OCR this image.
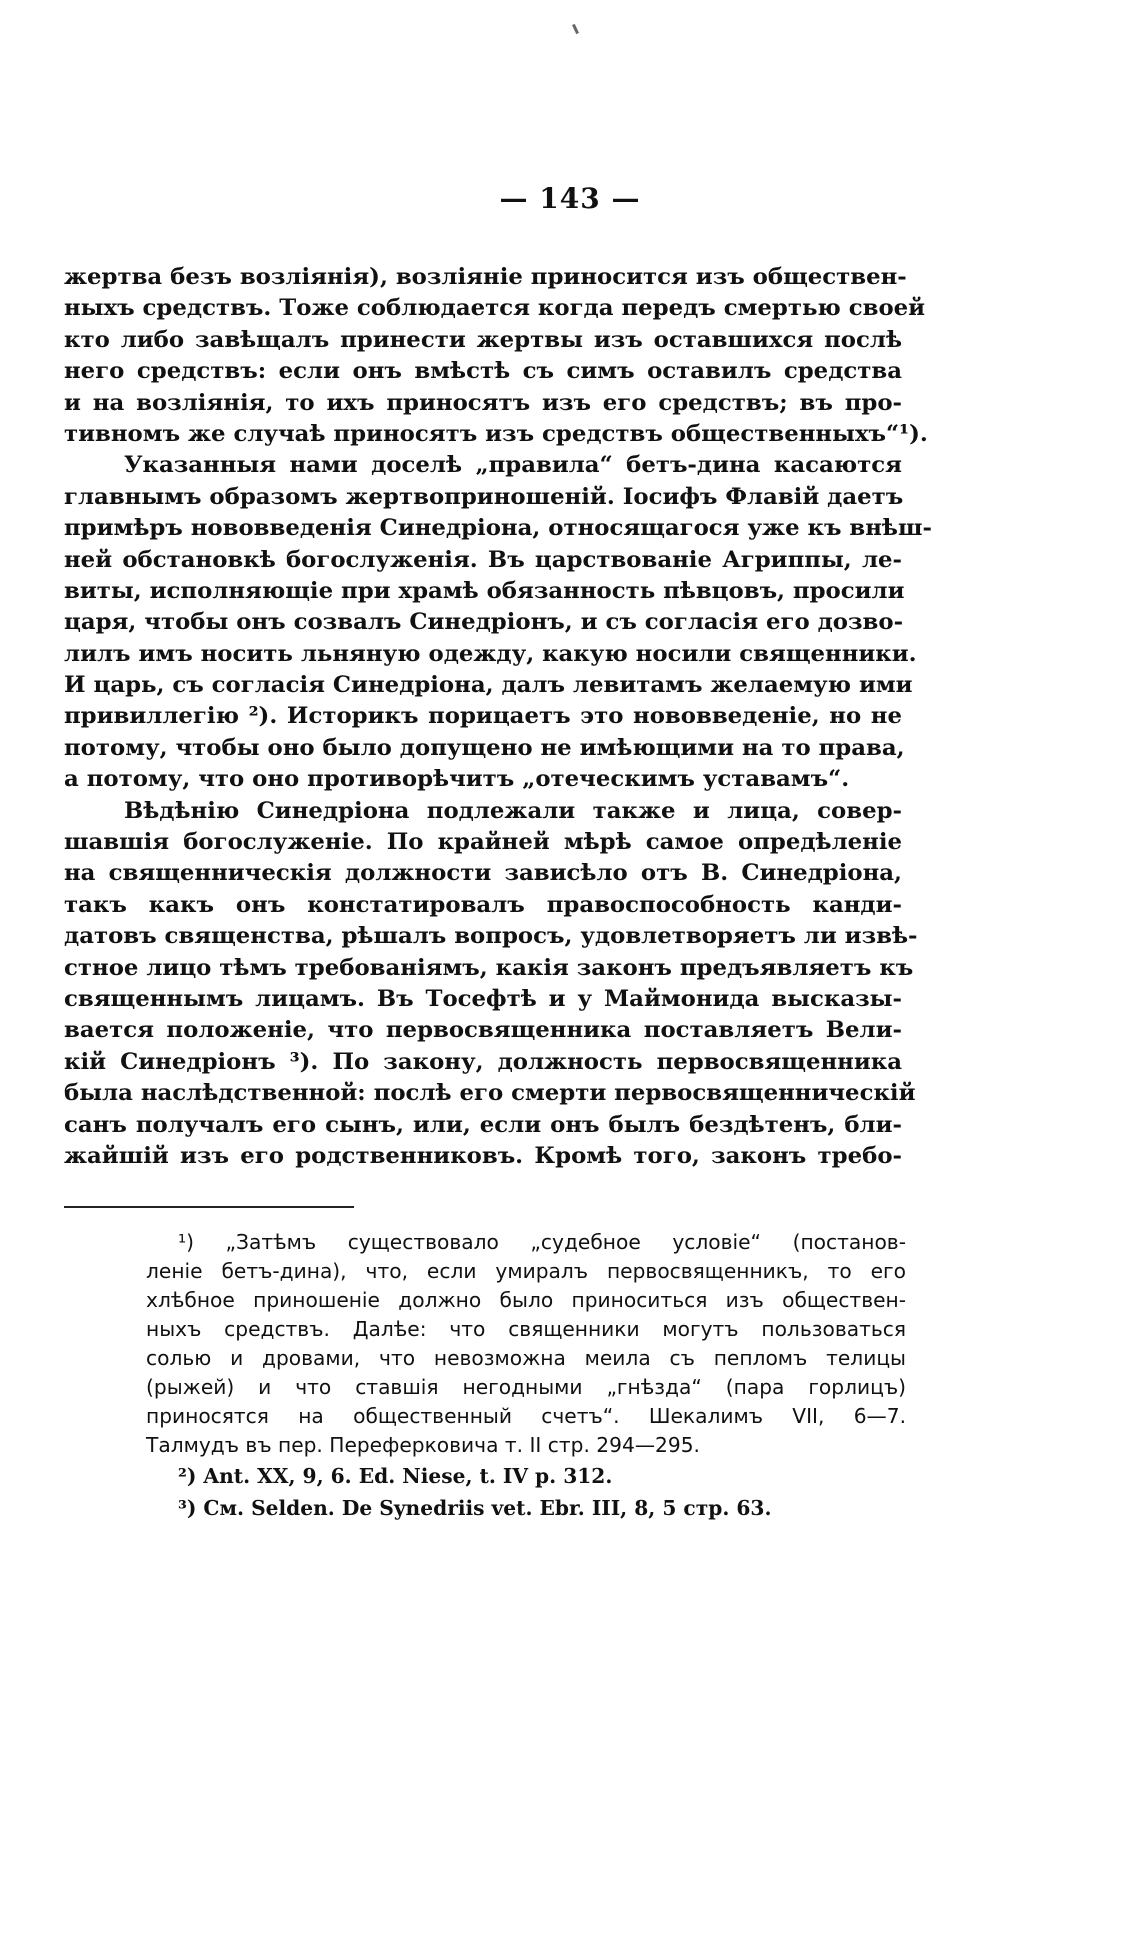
— 143 —
жертва безъ возліянія), возліяніе приносится изъ обществен-
ныхъ средствъ. Тоже соблюдается когда передъ смертью своей
кто либо завѣщалъ принести жертвы изъ оставшихся послѣ
него средствъ: если онъ вмѣстѣ съ симъ оставилъ средства
и на возліянія, то ихъ приносятъ изъ его средствъ; въ про-
тивномъ же случаѣ приносятъ изъ средствъ общественныхъ“¹).
Указанныя нами доселѣ „правила“ бетъ-дина касаются
главнымъ образомъ жертвоприношеній. Іосифъ Флавій даетъ
примѣръ нововведенія Синедріона, относящагося уже къ внѣш-
ней обстановкѣ богослуженія. Въ царствованіе Агриппы, ле-
виты, исполняющіе при храмѣ обязанность пѣвцовъ, просили
царя, чтобы онъ созвалъ Синедріонъ, и съ согласія его дозво-
лилъ имъ носить льняную одежду, какую носили священники.
И царь, съ согласія Синедріона, далъ левитамъ желаемую ими
привиллегію ²). Историкъ порицаетъ это нововведеніе, но не
потому, чтобы оно было допущено не имѣющими на то права,
а потому, что оно противорѣчитъ „отеческимъ уставамъ“.
Вѣдѣнію Синедріона подлежали также и лица, совер-
шавшія богослуженіе. По крайней мѣрѣ самое опредѣленіе
на священническія должности зависѣло отъ В. Синедріона,
такъ какъ онъ констатировалъ правоспособность канди-
датовъ священства, рѣшалъ вопросъ, удовлетворяетъ ли извѣ-
стное лицо тѣмъ требованіямъ, какія законъ предъявляетъ къ
священнымъ лицамъ. Въ Тосефтѣ и у Маймонида высказы-
вается положеніе, что первосвященника поставляетъ Вели-
кій Синедріонъ ³). По закону, должность первосвященника
была наслѣдственной: послѣ его смерти первосвященническій
санъ получалъ его сынъ, или, если онъ былъ бездѣтенъ, бли-
жайшій изъ его родственниковъ. Кромѣ того, законъ требо-
¹) „Затѣмъ существовало „судебное условіе“ (постанов-
леніе бетъ-дина), что, если умиралъ первосвященникъ, то его
хлѣбное приношеніе должно было приноситься изъ обществен-
ныхъ средствъ. Далѣе: что священники могутъ пользоваться
солью и дровами, что невозможна меила съ пепломъ телицы
(рыжей) и что ставшія негодными „гнѣзда“ (пара горлицъ)
приносятся на общественный счетъ“. Шекалимъ VII, 6—7.
Талмудъ въ пер. Переферковича т. II стр. 294—295.
²) Ant. XX, 9, 6. Ed. Niese, t. IV p. 312.
³) См. Selden. De Synedriis vet. Ebr. III, 8, 5 стр. 63.
